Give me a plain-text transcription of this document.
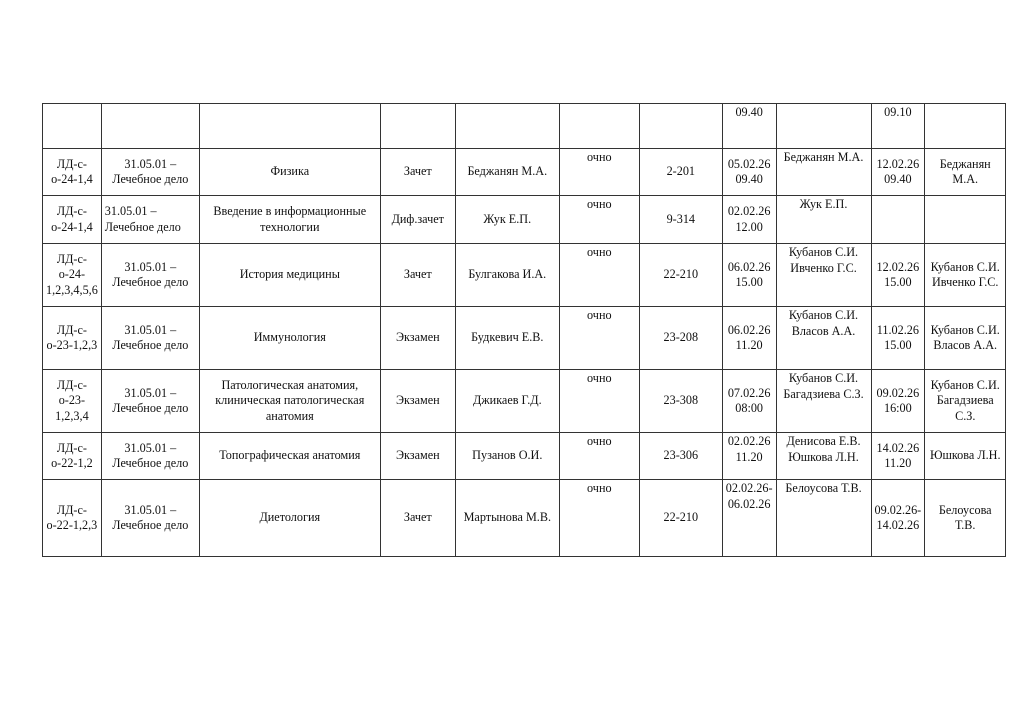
							09.40		09.10	
ЛД-с-о-24-1,4	31.05.01 – Лечебное дело	Физика	Зачет	Беджанян М.А.	очно	2-201	05.02.26 09.40	Беджанян М.А.	12.02.26 09.40	Беджанян М.А.
ЛД-с-о-24-1,4	31.05.01 – Лечебное дело	Введение в информационные технологии	Диф.зачет	Жук Е.П.	очно	9-314	02.02.26 12.00	Жук Е.П.		
ЛД-с-о-24-1,2,3,4,5,6	31.05.01 – Лечебное дело	История медицины	Зачет	Булгакова И.А.	очно	22-210	06.02.26 15.00	Кубанов С.И. Ивченко Г.С.	12.02.26 15.00	Кубанов С.И. Ивченко Г.С.
ЛД-с-о-23-1,2,3	31.05.01 – Лечебное дело	Иммунология	Экзамен	Будкевич Е.В.	очно	23-208	06.02.26 11.20	Кубанов С.И. Власов А.А.	11.02.26 15.00	Кубанов С.И. Власов А.А.
ЛД-с-о-23-1,2,3,4	31.05.01 – Лечебное дело	Патологическая анатомия, клиническая патологическая анатомия	Экзамен	Джикаев Г.Д.	очно	23-308	07.02.26 08:00	Кубанов С.И. Багадзиева С.З.	09.02.26 16:00	Кубанов С.И. Багадзиева С.З.
ЛД-с-о-22-1,2	31.05.01 – Лечебное дело	Топографическая анатомия	Экзамен	Пузанов О.И.	очно	23-306	02.02.26 11.20	Денисова Е.В. Юшкова Л.Н.	14.02.26 11.20	Юшкова Л.Н.
ЛД-с-о-22-1,2,3	31.05.01 – Лечебное дело	Диетология	Зачет	Мартынова М.В.	очно	22-210	02.02.26-06.02.26	Белоусова Т.В.	09.02.26-14.02.26	Белоусова Т.В.
